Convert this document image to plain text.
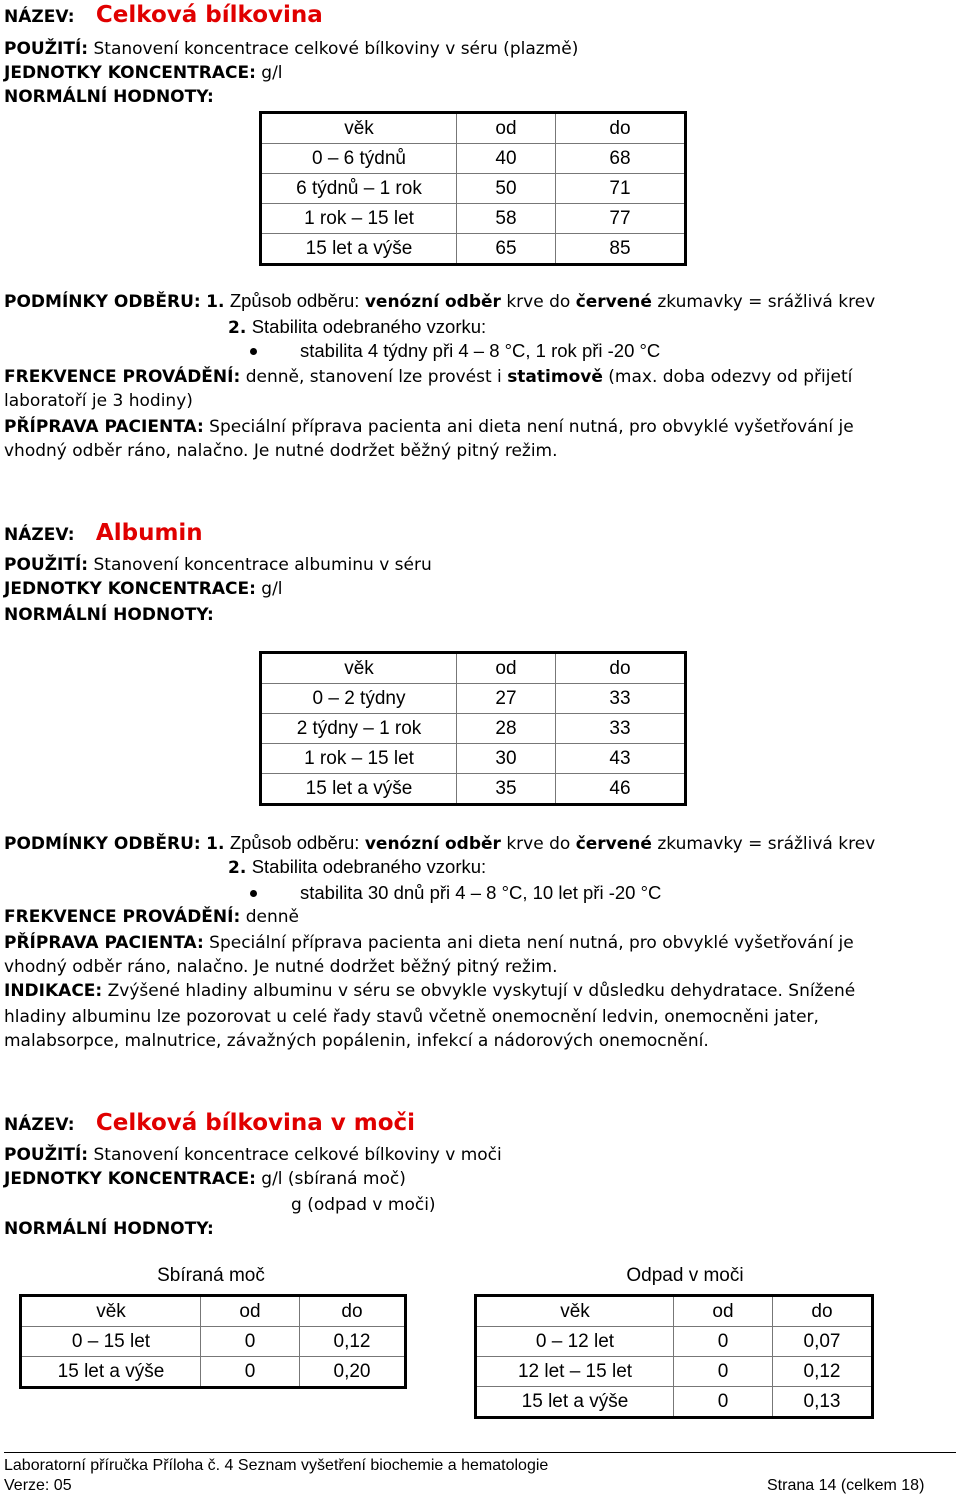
NÁZEV: Celková bílkovina
POUŽITÍ: Stanovení koncentrace celkové bílkoviny v séru (plazmě)
JEDNOTKY KONCENTRACE: g/l
NORMÁLNÍ HODNOTY:
věk	od	do
0 – 6 týdnů	40	68
6 týdnů – 1 rok	50	71
1 rok – 15 let	58	77
15 let a výše	65	85
PODMÍNKY ODBĚRU: 1. Způsob odběru: venózní odběr krve do červené zkumavky = srážlivá krev
2. Stabilita odebraného vzorku:
stabilita 4 týdny při 4 – 8 °C, 1 rok při -20 °C
FREKVENCE PROVÁDĚNÍ: denně, stanovení lze provést i statimově (max. doba odezvy od přijetí
laboratoří je 3 hodiny)
PŘÍPRAVA PACIENTA: Speciální příprava pacienta ani dieta není nutná, pro obvyklé vyšetřování je
vhodný odběr ráno, nalačno. Je nutné dodržet běžný pitný režim.
NÁZEV: Albumin
POUŽITÍ: Stanovení koncentrace albuminu v séru
JEDNOTKY KONCENTRACE: g/l
NORMÁLNÍ HODNOTY:
věk	od	do
0 – 2 týdny	27	33
2 týdny – 1 rok	28	33
1 rok – 15 let	30	43
15 let a výše	35	46
PODMÍNKY ODBĚRU: 1. Způsob odběru: venózní odběr krve do červené zkumavky = srážlivá krev
2. Stabilita odebraného vzorku:
stabilita 30 dnů při 4 – 8 °C, 10 let při -20 °C
FREKVENCE PROVÁDĚNÍ: denně
PŘÍPRAVA PACIENTA: Speciální příprava pacienta ani dieta není nutná, pro obvyklé vyšetřování je
vhodný odběr ráno, nalačno. Je nutné dodržet běžný pitný režim.
INDIKACE: Zvýšené hladiny albuminu v séru se obvykle vyskytují v důsledku dehydratace. Snížené
hladiny albuminu lze pozorovat u celé řady stavů včetně onemocnění ledvin, onemocněni jater,
malabsorpce, malnutrice, závažných popálenin, infekcí a nádorových onemocnění.
NÁZEV: Celková bílkovina v moči
POUŽITÍ: Stanovení koncentrace celkové bílkoviny v moči
JEDNOTKY KONCENTRACE: g/l (sbíraná moč)
g (odpad v moči)
NORMÁLNÍ HODNOTY:
Sbíraná moč
věk	od	do
0 – 15 let	0	0,12
15 let a výše	0	0,20
Odpad v moči
věk	od	do
0 – 12 let	0	0,07
12 let – 15 let	0	0,12
15 let a výše	0	0,13
Laboratorní příručka Příloha č. 4 Seznam vyšetření biochemie a hematologie
Verze: 05	Strana 14 (celkem 18)
